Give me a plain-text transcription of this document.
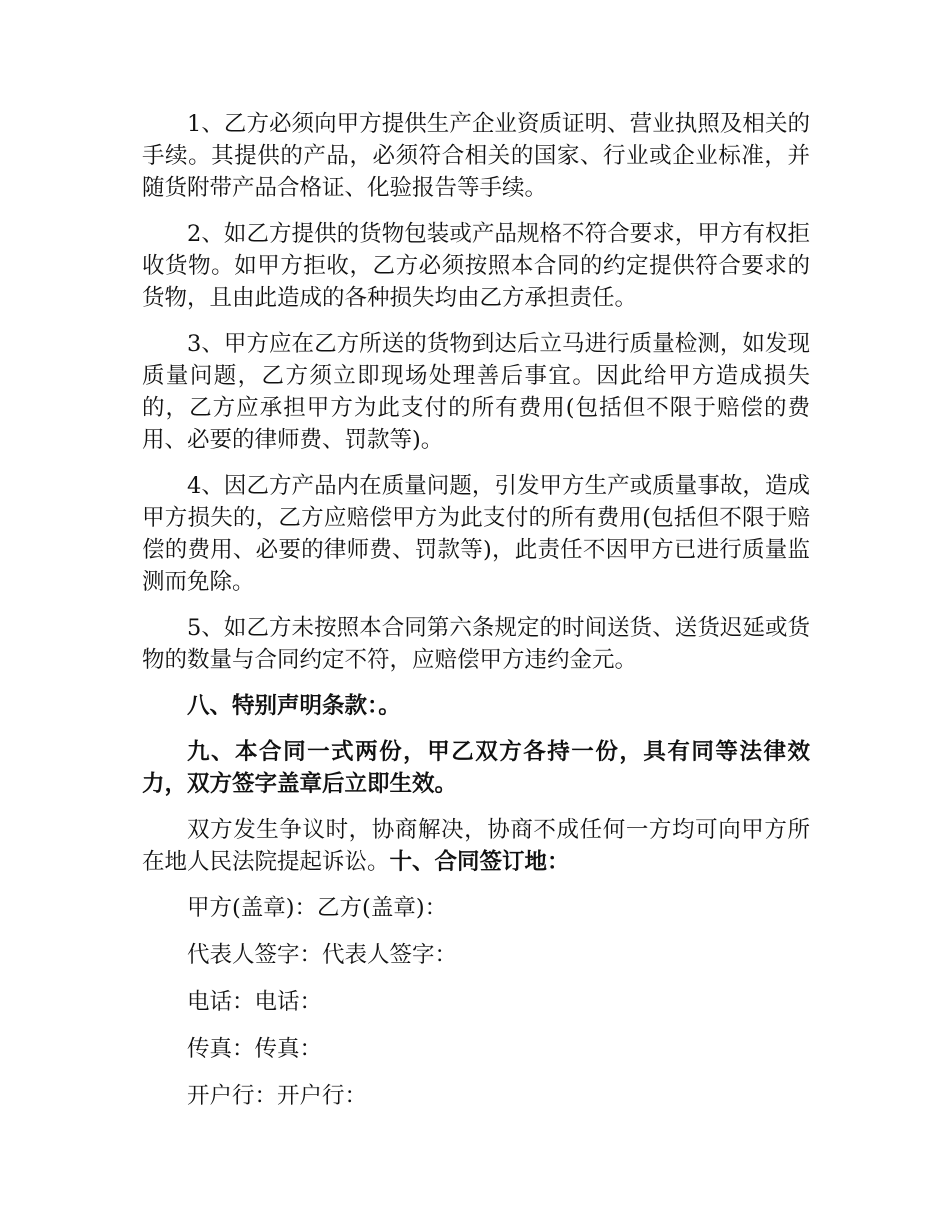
1、乙方必须向甲方提供生产企业资质证明、营业执照及相关的手续。其提供的产品，必须符合相关的国家、行业或企业标准，并随货附带产品合格证、化验报告等手续。

2、如乙方提供的货物包装或产品规格不符合要求，甲方有权拒收货物。如甲方拒收，乙方必须按照本合同的约定提供符合要求的货物，且由此造成的各种损失均由乙方承担责任。

3、甲方应在乙方所送的货物到达后立马进行质量检测，如发现质量问题，乙方须立即现场处理善后事宜。因此给甲方造成损失的，乙方应承担甲方为此支付的所有费用(包括但不限于赔偿的费用、必要的律师费、罚款等)。

4、因乙方产品内在质量问题，引发甲方生产或质量事故，造成甲方损失的，乙方应赔偿甲方为此支付的所有费用(包括但不限于赔偿的费用、必要的律师费、罚款等)，此责任不因甲方已进行质量监测而免除。

5、如乙方未按照本合同第六条规定的时间送货、送货迟延或货物的数量与合同约定不符，应赔偿甲方违约金元。

八、特别声明条款：。

九、本合同一式两份，甲乙双方各持一份，具有同等法律效力，双方签字盖章后立即生效。

双方发生争议时，协商解决，协商不成任何一方均可向甲方所在地人民法院提起诉讼。十、合同签订地：

甲方(盖章)：乙方(盖章)：

代表人签字：代表人签字：

电话：电话：

传真：传真：

开户行：开户行：
